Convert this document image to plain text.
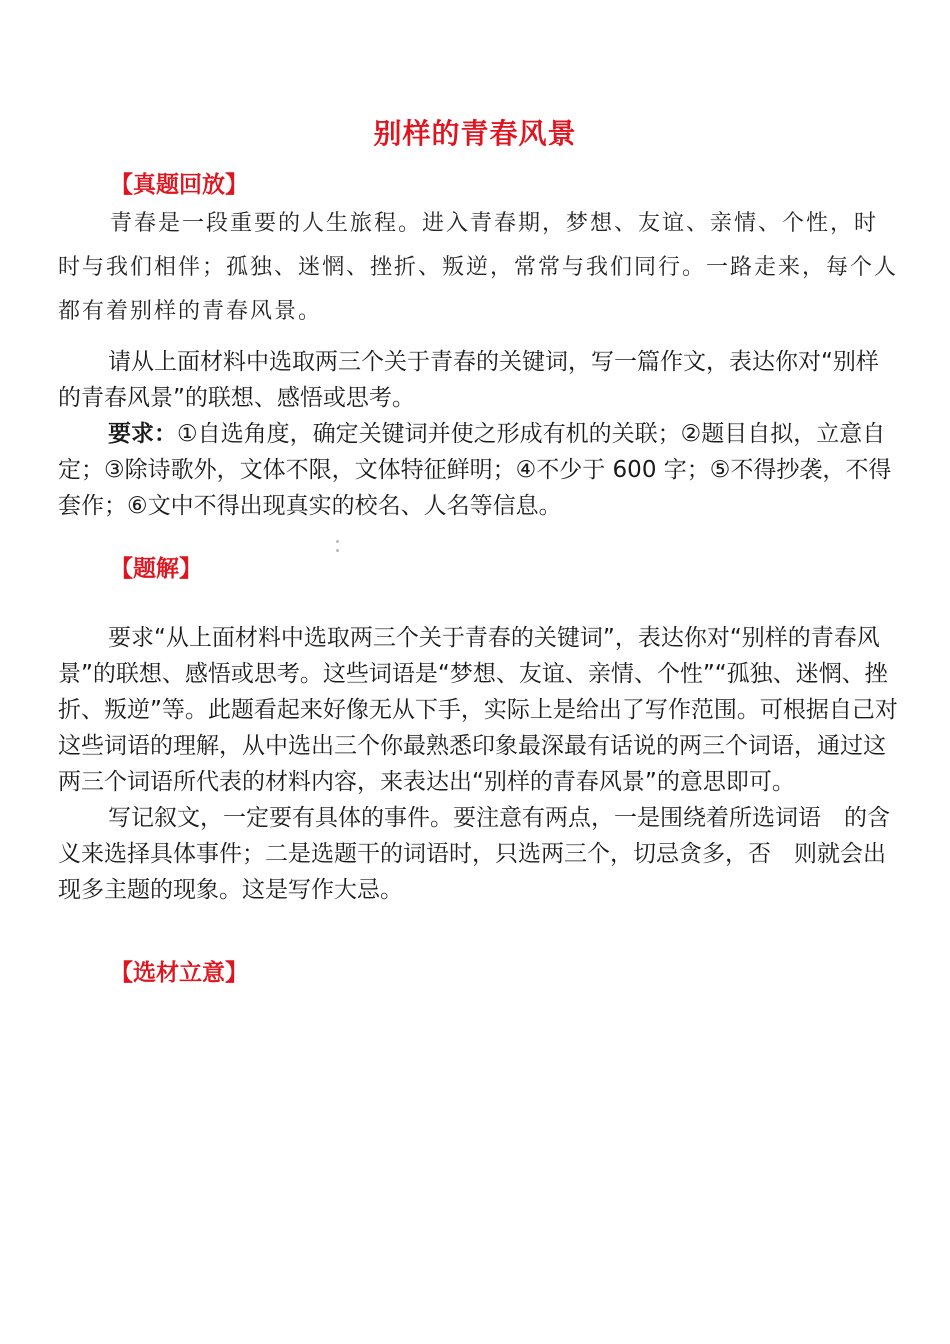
别样的青春风景
【真题回放】

青春是一段重要的人生旅程。进入青春期，梦想、友谊、亲情、个性，时时与我们相伴；孤独、迷惘、挫折、叛逆，常常与我们同行。一路走来，每个人都有着别样的青春风景。

请从上面材料中选取两三个关于青春的关键词，写一篇作文，表达你对“别样的青春风景”的联想、感悟或思考。

要求：①自选角度，确定关键词并使之形成有机的关联；②题目自拟，立意自定；③除诗歌外，文体不限，文体特征鲜明；④不少于 600 字；⑤不得抄袭，不得套作；⑥文中不得出现真实的校名、人名等信息。

【题解】

要求“从上面材料中选取两三个关于青春的关键词”，表达你对“别样的青春风景”的联想、感悟或思考。这些词语是“梦想、友谊、亲情、个性”“孤独、迷惘、挫折、叛逆”等。此题看起来好像无从下手，实际上是给出了写作范围。可根据自己对这些词语的理解，从中选出三个你最熟悉印象最深最有话说的两三个词语，通过这两三个词语所代表的材料内容，来表达出“别样的青春风景”的意思即可。

写记叙文，一定要有具体的事件。要注意有两点，一是围绕着所选词语　的含义来选择具体事件；二是选题干的词语时，只选两三个，切忌贪多，否　则就会出现多主题的现象。这是写作大忌。

【选材立意】
